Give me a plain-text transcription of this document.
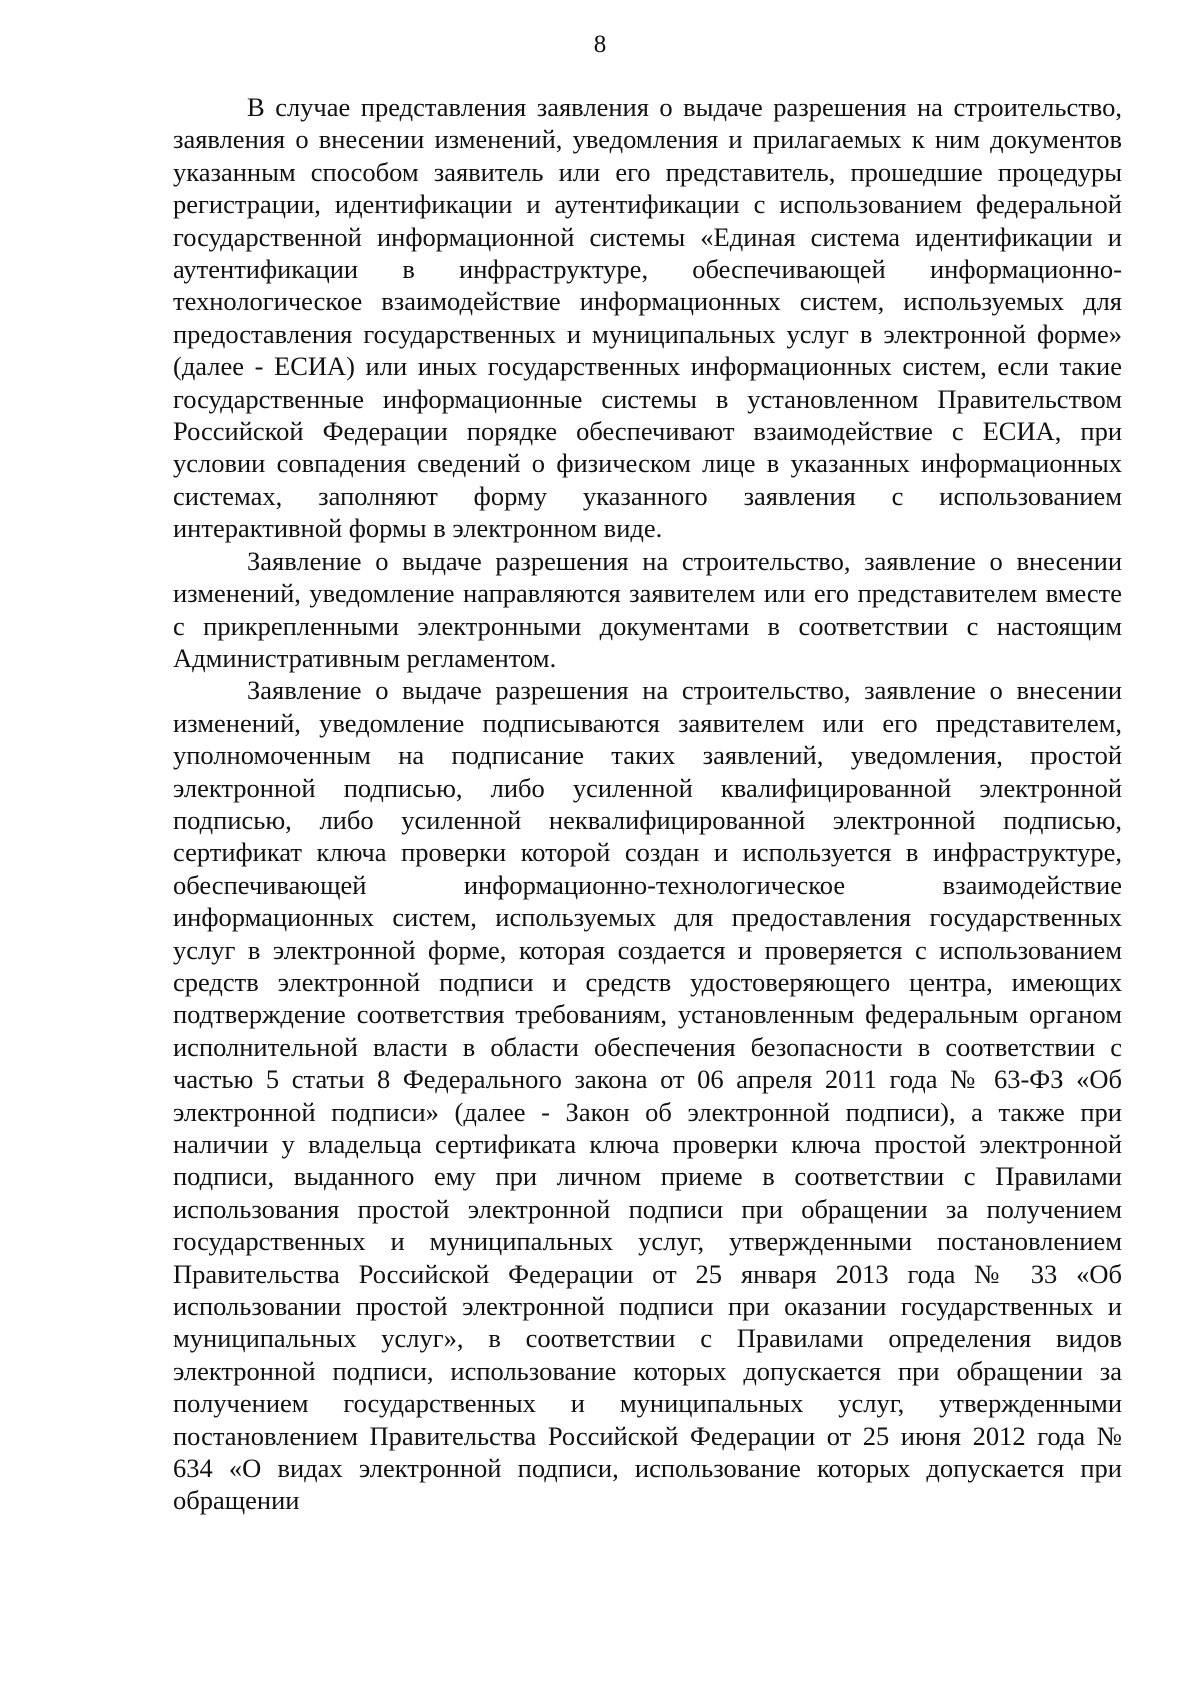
8

В случае представления заявления о выдаче разрешения на строительство, заявления о внесении изменений, уведомления и прилагаемых к ним документов указанным способом заявитель или его представитель, прошедшие процедуры регистрации, идентификации и аутентификации с использованием федеральной государственной информационной системы «Единая система идентификации и аутентификации в инфраструктуре, обеспечивающей информационно-технологическое взаимодействие информационных систем, используемых для предоставления государственных и муниципальных услуг в электронной форме» (далее - ЕСИА) или иных государственных информационных систем, если такие государственные информационные системы в установленном Правительством Российской Федерации порядке обеспечивают взаимодействие с ЕСИА, при условии совпадения сведений о физическом лице в указанных информационных системах, заполняют форму указанного заявления с использованием интерактивной формы в электронном виде.

Заявление о выдаче разрешения на строительство, заявление о внесении изменений, уведомление направляются заявителем или его представителем вместе с прикрепленными электронными документами в соответствии с настоящим Административным регламентом.

Заявление о выдаче разрешения на строительство, заявление о внесении изменений, уведомление подписываются заявителем или его представителем, уполномоченным на подписание таких заявлений, уведомления, простой электронной подписью, либо усиленной квалифицированной электронной подписью, либо усиленной неквалифицированной электронной подписью, сертификат ключа проверки которой создан и используется в инфраструктуре, обеспечивающей информационно-технологическое взаимодействие информационных систем, используемых для предоставления государственных услуг в электронной форме, которая создается и проверяется с использованием средств электронной подписи и средств удостоверяющего центра, имеющих подтверждение соответствия требованиям, установленным федеральным органом исполнительной власти в области обеспечения безопасности в соответствии с частью 5 статьи 8 Федерального закона от 06 апреля 2011 года № 63-ФЗ «Об электронной подписи» (далее - Закон об электронной подписи), а также при наличии у владельца сертификата ключа проверки ключа простой электронной подписи, выданного ему при личном приеме в соответствии с Правилами использования простой электронной подписи при обращении за получением государственных и муниципальных услуг, утвержденными постановлением Правительства Российской Федерации от 25 января 2013 года № 33 «Об использовании простой электронной подписи при оказании государственных и муниципальных услуг», в соответствии с Правилами определения видов электронной подписи, использование которых допускается при обращении за получением государственных и муниципальных услуг, утвержденными постановлением Правительства Российской Федерации от 25 июня 2012 года № 634 «О видах электронной подписи, использование которых допускается при обращении
